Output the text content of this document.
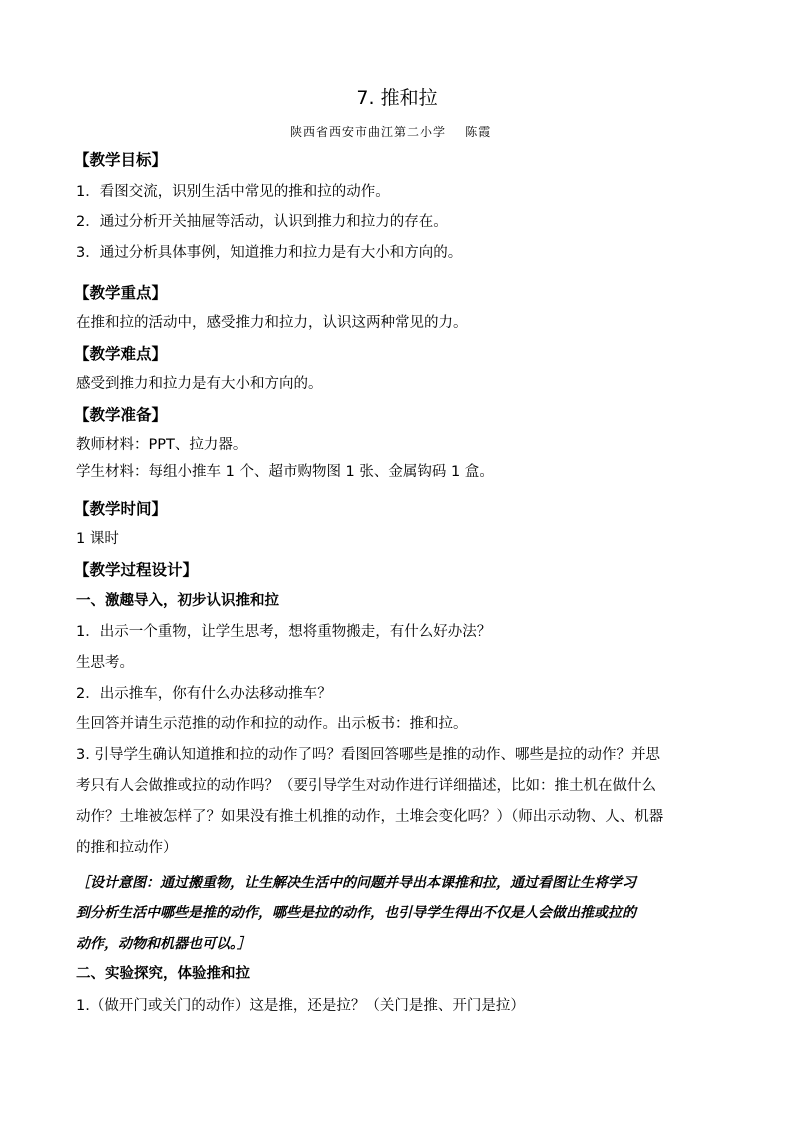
7. 推和拉
陕西省西安市曲江第二小学    陈霞
【教学目标】
1．看图交流，识别生活中常见的推和拉的动作。
2．通过分析开关抽屉等活动，认识到推力和拉力的存在。
3．通过分析具体事例，知道推力和拉力是有大小和方向的。
【教学重点】
在推和拉的活动中，感受推力和拉力，认识这两种常见的力。
【教学难点】
感受到推力和拉力是有大小和方向的。
【教学准备】
教师材料：PPT、拉力器。
学生材料：每组小推车 1 个、超市购物图 1 张、金属钩码 1 盒。
【教学时间】
1 课时
【教学过程设计】
一、激趣导入，初步认识推和拉
1．出示一个重物，让学生思考，想将重物搬走，有什么好办法？
生思考。
2．出示推车，你有什么办法移动推车？
生回答并请生示范推的动作和拉的动作。出示板书：推和拉。
3. 引导学生确认知道推和拉的动作了吗？看图回答哪些是推的动作、哪些是拉的动作？并思
考只有人会做推或拉的动作吗？（要引导学生对动作进行详细描述，比如：推土机在做什么
动作？土堆被怎样了？如果没有推土机推的动作，土堆会变化吗？）（师出示动物、人、机器
的推和拉动作）
［设计意图：通过搬重物，让生解决生活中的问题并导出本课推和拉，通过看图让生将学习
到分析生活中哪些是推的动作，哪些是拉的动作，也引导学生得出不仅是人会做出推或拉的
动作，动物和机器也可以。］
二、实验探究，体验推和拉
1.（做开门或关门的动作）这是推，还是拉？（关门是推、开门是拉）
